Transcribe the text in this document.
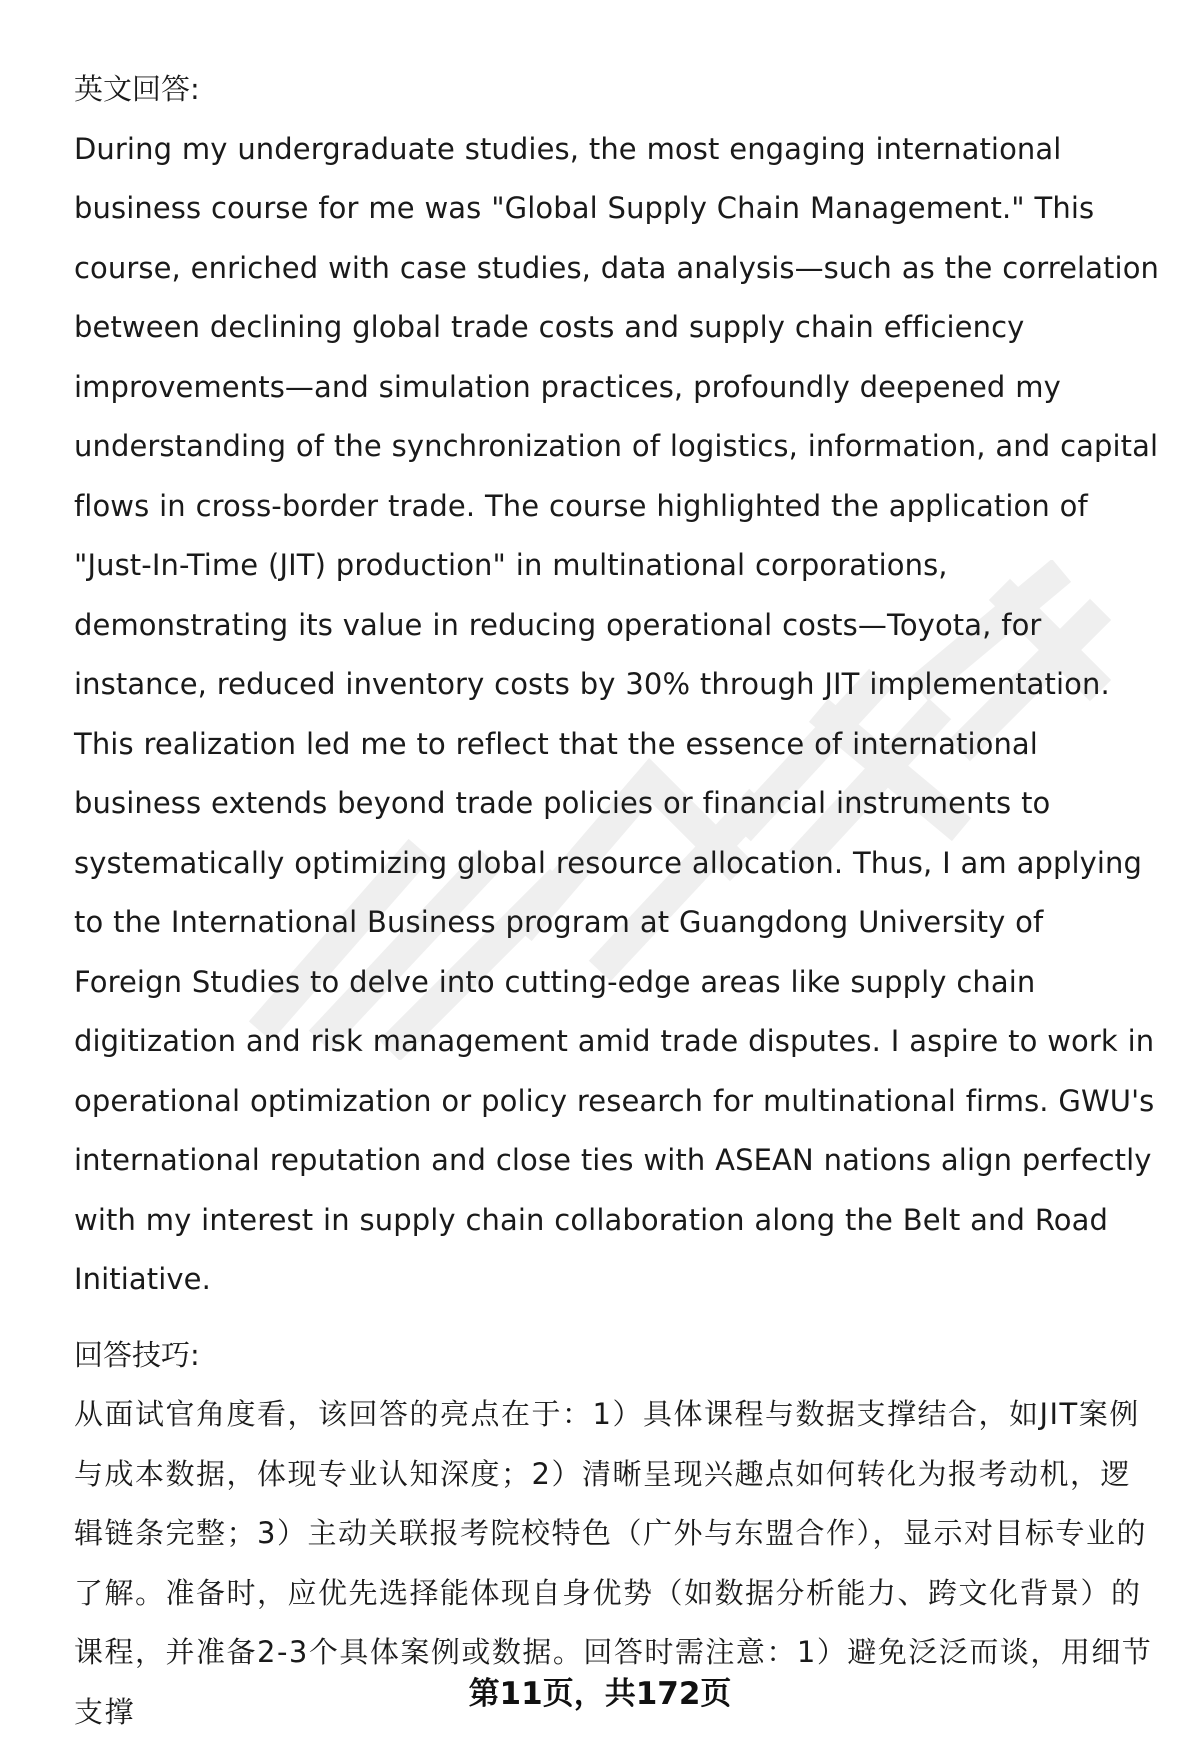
英文回答:

During my undergraduate studies, the most engaging international business course for me was "Global Supply Chain Management." This course, enriched with case studies, data analysis—such as the correlation between declining global trade costs and supply chain efficiency improvements—and simulation practices, profoundly deepened my understanding of the synchronization of logistics, information, and capital flows in cross-border trade. The course highlighted the application of "Just-In-Time (JIT) production" in multinational corporations, demonstrating its value in reducing operational costs—Toyota, for instance, reduced inventory costs by 30% through JIT implementation. This realization led me to reflect that the essence of international business extends beyond trade policies or financial instruments to systematically optimizing global resource allocation. Thus, I am applying to the International Business program at Guangdong University of Foreign Studies to delve into cutting-edge areas like supply chain digitization and risk management amid trade disputes. I aspire to work in operational optimization or policy research for multinational firms. GWU's international reputation and close ties with ASEAN nations align perfectly with my interest in supply chain collaboration along the Belt and Road Initiative.

回答技巧:

从面试官角度看，该回答的亮点在于：1）具体课程与数据支撑结合，如JIT案例与成本数据，体现专业认知深度；2）清晰呈现兴趣点如何转化为报考动机，逻辑链条完整；3）主动关联报考院校特色（广外与东盟合作），显示对目标专业的了解。准备时，应优先选择能体现自身优势（如数据分析能力、跨文化背景）的课程，并准备2-3个具体案例或数据。回答时需注意：1）避免泛泛而谈，用细节支撑	第11页，共172页
